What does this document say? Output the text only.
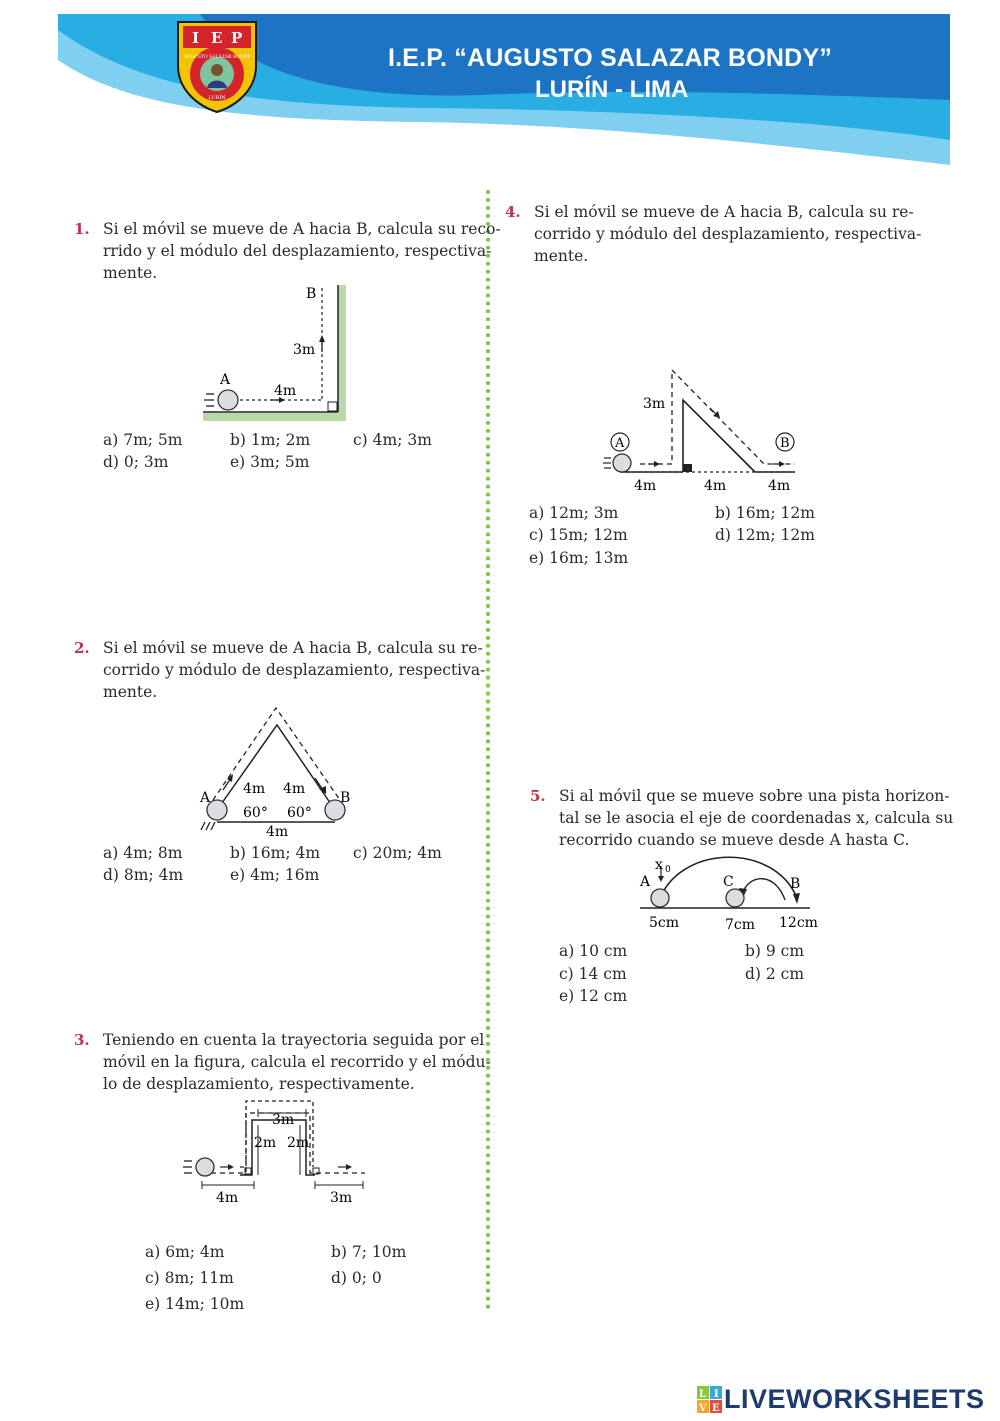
I E P
AUGUSTO SALAZAR BONDY
LURÍN
I.E.P. “AUGUSTO SALAZAR BONDY”
LURÍN - LIMA
1. Si el móvil se mueve de A hacia B, calcula su reco-
rrido y el módulo del desplazamiento, respectiva-
mente.
B
3m
A
4m
a) 7m; 5m	b) 1m; 2m	c) 4m; 3m
d) 0; 3m	e) 3m; 5m
2. Si el móvil se mueve de A hacia B, calcula su re-
corrido y módulo de desplazamiento, respectiva-
mente.
A	B
4m 4m
60° 60°
4m
a) 4m; 8m	b) 16m; 4m c) 20m; 4m
d) 8m; 4m	e) 4m; 16m
3. Teniendo en cuenta la trayectoria seguida por el
móvil en la figura, calcula el recorrido y el módu-
lo de desplazamiento, respectivamente.
3m
2m 2m
4m	3m
a) 6m; 4m	b) 7; 10m
c) 8m; 11m	d) 0; 0
e) 14m; 10m
4. Si el móvil se mueve de A hacia B, calcula su re-
corrido y módulo del desplazamiento, respectiva-
mente.
3m
A	B
4m	4m	4m
a) 12m; 3m	b) 16m; 12m
c) 15m; 12m	d) 12m; 12m
e) 16m; 13m
5. Si al móvil que se mueve sobre una pista horizon-
tal se le asocia el eje de coordenadas x, calcula su
recorrido cuando se mueve desde A hasta C.
x 0
A	C	B
5cm	7cm 12cm
a) 10 cm	b) 9 cm
c) 14 cm	d) 2 cm
e) 12 cm
L I
V E LIVEWORKSHEETS
